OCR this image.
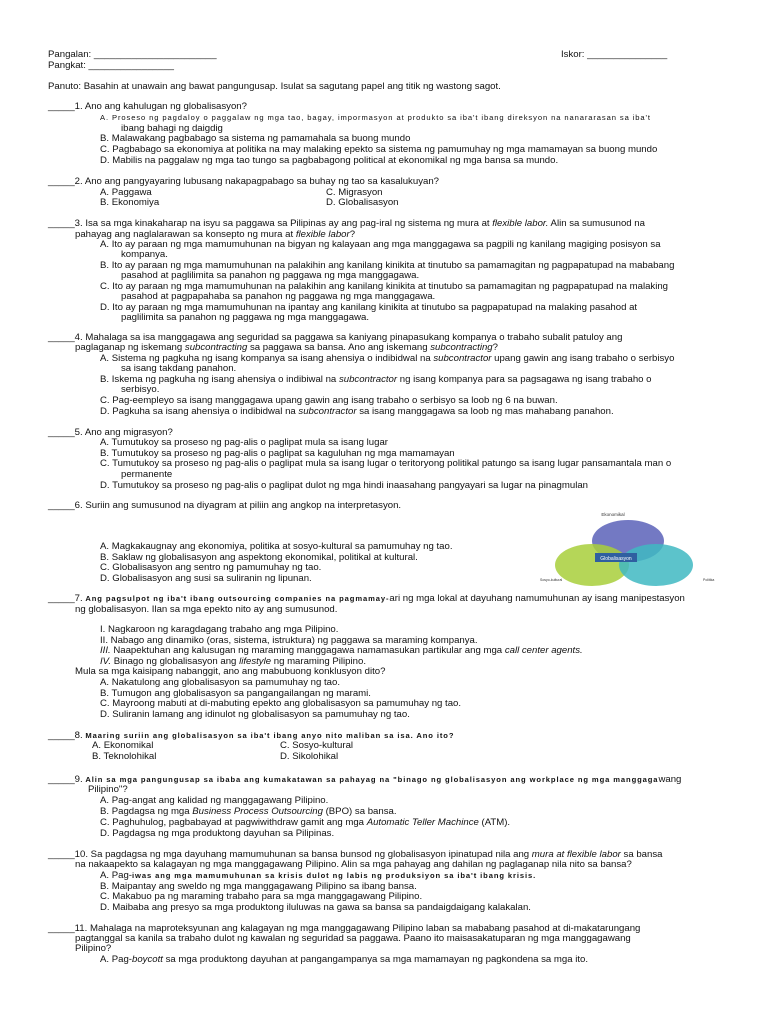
Pangalan: _______________________	Iskor: _______________
Pangkat: ________________
Panuto: Basahin at unawain ang bawat pangungusap. Isulat sa sagutang papel ang titik ng wastong sagot.
_____1. Ano ang kahulugan ng globalisasyon?
A. Proseso ng pagdaloy o paggalaw ng mga tao, bagay, impormasyon at produkto sa iba't ibang direksyon na nanararasan sa iba't
ibang bahagi ng daigdig
B. Malawakang pagbabago sa sistema ng pamamahala sa buong mundo
C. Pagbabago sa ekonomiya at politika na may malaking epekto sa sistema ng pamumuhay ng mga mamamayan sa buong mundo
D. Mabilis na paggalaw ng mga tao tungo sa pagbabagong political at ekonomikal ng mga bansa sa mundo.
_____2. Ano ang pangyayaring lubusang nakapagpabago sa buhay ng tao sa kasalukuyan?
A. Paggawa	C. Migrasyon
B. Ekonomiya	D. Globalisasyon
_____3. Isa sa mga kinakaharap na isyu sa paggawa sa Pilipinas ay ang pag-iral ng sistema ng mura at flexible labor. Alin sa sumusunod na
pahayag ang naglalarawan sa konsepto ng mura at flexible labor?
A. Ito ay paraan ng mga mamumuhunan na bigyan ng kalayaan ang mga manggagawa sa pagpili ng kanilang magiging posisyon sa
kompanya.
B. Ito ay paraan ng mga mamumuhunan na palakihin ang kanilang kinikita at tinutubo sa pamamagitan ng pagpapatupad na mababang
pasahod at paglilimita sa panahon ng paggawa ng mga manggagawa.
C. Ito ay paraan ng mga mamumuhunan na palakihin ang kanilang kinikita at tinutubo sa pamamagitan ng pagpapatupad na malaking
pasahod at pagpapahaba sa panahon ng paggawa ng mga manggagawa.
D. Ito ay paraan ng mga mamumuhunan na ipantay ang kanilang kinikita at tinutubo sa pagpapatupad na malaking pasahod at
paglilimita sa panahon ng paggawa ng mga manggagawa.
_____4. Mahalaga sa isa manggagawa ang seguridad sa paggawa sa kaniyang pinapasukang kompanya o trabaho subalit patuloy ang
paglaganap ng iskemang subcontracting sa paggawa sa bansa. Ano ang iskemang subcontracting?
A. Sistema ng pagkuha ng isang kompanya sa isang ahensiya o indibidwal na subcontractor upang gawin ang isang trabaho o serbisyo
sa isang takdang panahon.
B. Iskema ng pagkuha ng isang ahensiya o indibiwal na subcontractor ng isang kompanya para sa pagsagawa ng isang trabaho o
serbisyo.
C. Pag-eempleyo sa isang manggagawa upang gawin ang isang trabaho o serbisyo sa loob ng 6 na buwan.
D. Pagkuha sa isang ahensiya o indibidwal na subcontractor sa isang manggagawa sa loob ng mas mahabang panahon.
_____5. Ano ang migrasyon?
A. Tumutukoy sa proseso ng pag-alis o paglipat mula sa isang lugar
B. Tumutukoy sa proseso ng pag-alis o paglipat sa kaguluhan ng mga mamamayan
C. Tumutukoy sa proseso ng pag-alis o paglipat mula sa isang lugar o teritoryong politikal patungo sa isang lugar pansamantala man o
permanente
D. Tumutukoy sa proseso ng pag-alis o paglipat dulot ng mga hindi inaasahang pangyayari sa lugar na pinagmulan
_____6. Suriin ang sumusunod na diyagram at piliin ang angkop na interpretasyon.
A. Magkakaugnay ang ekonomiya, politika at sosyo-kultural sa pamumuhay ng tao.
B. Saklaw ng globalisasyon ang aspektong ekonomikal, politikal at kultural.
C. Globalisasyon ang sentro ng pamumuhay ng tao.
D. Globalisasyon ang susi sa suliranin ng lipunan.
Globalisasyon
Ekonomikal
Sosyo-kultural	Politika
_____7. Ang pagsulpot ng iba't ibang outsourcing companies na pagmamay-ari ng mga lokal at dayuhang namumuhunan ay isang manipestasyon
ng globalisasyon. Ilan sa mga epekto nito ay ang sumusunod.
I. Nagkaroon ng karagdagang trabaho ang mga Pilipino.
II. Nabago ang dinamiko (oras, sistema, istruktura) ng paggawa sa maraming kompanya.
III. Naapektuhan ang kalusugan ng maraming manggagawa namamasukan partikular ang mga call center agents.
IV. Binago ng globalisasyon ang lifestyle ng maraming Pilipino.
Mula sa mga kaisipang nabanggit, ano ang mabubuong konklusyon dito?
A. Nakatulong ang globalisasyon sa pamumuhay ng tao.
B. Tumugon ang globalisasyon sa pangangailangan ng marami.
C. Mayroong mabuti at di-mabuting epekto ang globalisasyon sa pamumuhay ng tao.
D. Suliranin lamang ang idinulot ng globalisasyon sa pamumuhay ng tao.
_____8. Maaring suriin ang globalisasyon sa iba't ibang anyo nito maliban sa isa. Ano ito?
A. Ekonomikal	C. Sosyo-kultural
B. Teknolohikal	D. Sikolohikal
_____9. Alin sa mga pangungusap sa ibaba ang kumakatawan sa pahayag na "binago ng globalisasyon ang workplace ng mga manggagawang
Pilipino"?
A. Pag-angat ang kalidad ng manggagawang Pilipino.
B. Pagdagsa ng mga Business Process Outsourcing (BPO) sa bansa.
C. Paghuhulog, pagbabayad at pagwiwithdraw gamit ang mga Automatic Teller Machince (ATM).
D. Pagdagsa ng mga produktong dayuhan sa Pilipinas.
_____10. Sa pagdagsa ng mga dayuhang mamumuhunan sa bansa bunsod ng globalisasyon ipinatupad nila ang mura at flexible labor sa bansa
na nakaapekto sa kalagayan ng mga manggagawang Pilipino. Alin sa mga pahayag ang dahilan ng paglaganap nila nito sa bansa?
A. Pag-iwas ang mga mamumuhunan sa krisis dulot ng labis ng produksiyon sa iba't ibang krisis.
B. Maipantay ang sweldo ng mga manggagawang Pilipino sa ibang bansa.
C. Makabuo pa ng maraming trabaho para sa mga manggagawang Pilipino.
D. Maibaba ang presyo sa mga produktong iluluwas na gawa sa bansa sa pandaigdaigang kalakalan.
_____11. Mahalaga na maproteksyunan ang kalagayan ng mga manggagawang Pilipino laban sa mababang pasahod at di-makatarungang
pagtanggal sa kanila sa trabaho dulot ng kawalan ng seguridad sa paggawa. Paano ito maisasakatuparan ng mga manggagawang
Pilipino?
A. Pag-boycott sa mga produktong dayuhan at pangangampanya sa mga mamamayan ng pagkondena sa mga ito.
